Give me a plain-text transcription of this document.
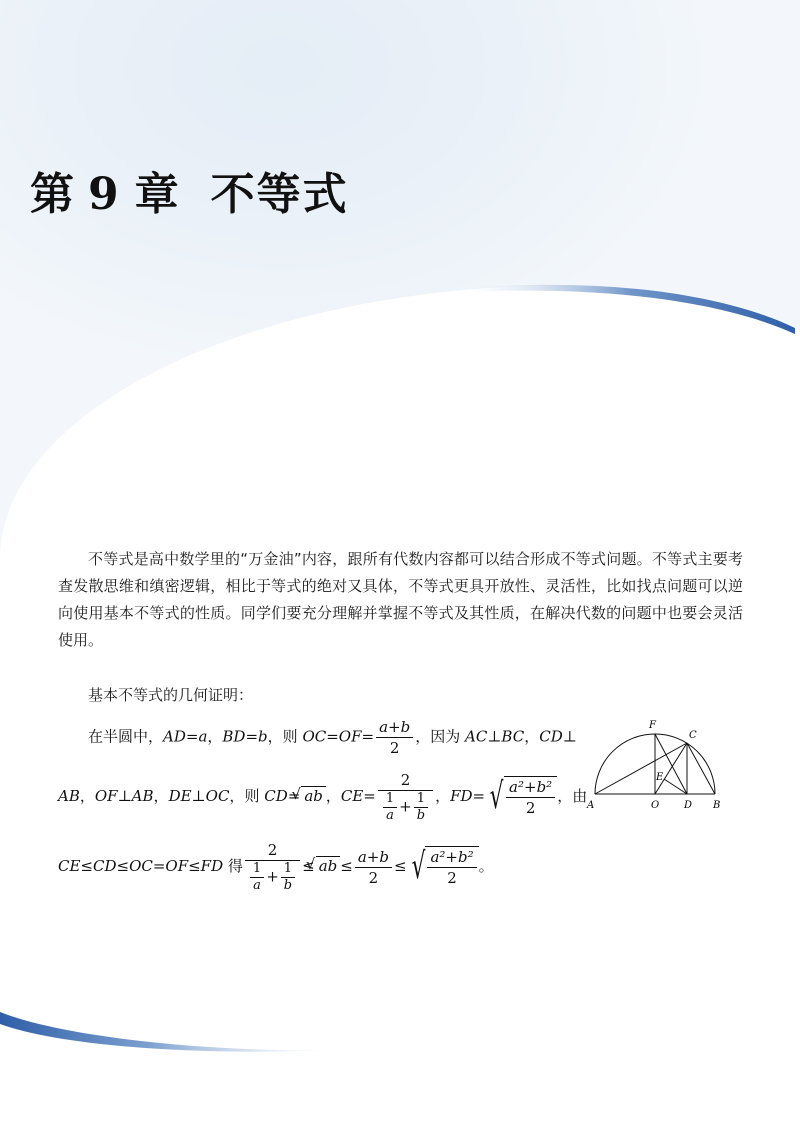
第 9 章 不等式

不等式是高中数学里的“万金油”内容，跟所有代数内容都可以结合形成不等式问题。不等式主要考查发散思维和缜密逻辑，相比于等式的绝对又具体，不等式更具开放性、灵活性，比如找点问题可以逆向使用基本不等式的性质。同学们要充分理解并掌握不等式及其性质，在解决代数的问题中也要会灵活使用。

基本不等式的几何证明：

在半圆中，AD=a，BD=b，则 $OC=OF= \frac{a+b}{2}$ ，因为 AC⊥BC，CD⊥
AB，OF⊥AB，DE⊥OC，则 CD= √ ab ，$CE= \frac{2}{\frac{1}{a} + \frac{1}{b}}$ ，FD= √ $\frac{\text{a²+b²}}{2}$ ，由
CE≤CD≤OC=OF≤FD 得 $\frac{2}{\frac{1}{a} + \frac{1}{b}}$ ≤ √ ab ≤ $\frac{a+b}{2}$ ≤ √ $\frac{\text{a²+b²}}{2}$ 。
A	O D B
F
C
E
